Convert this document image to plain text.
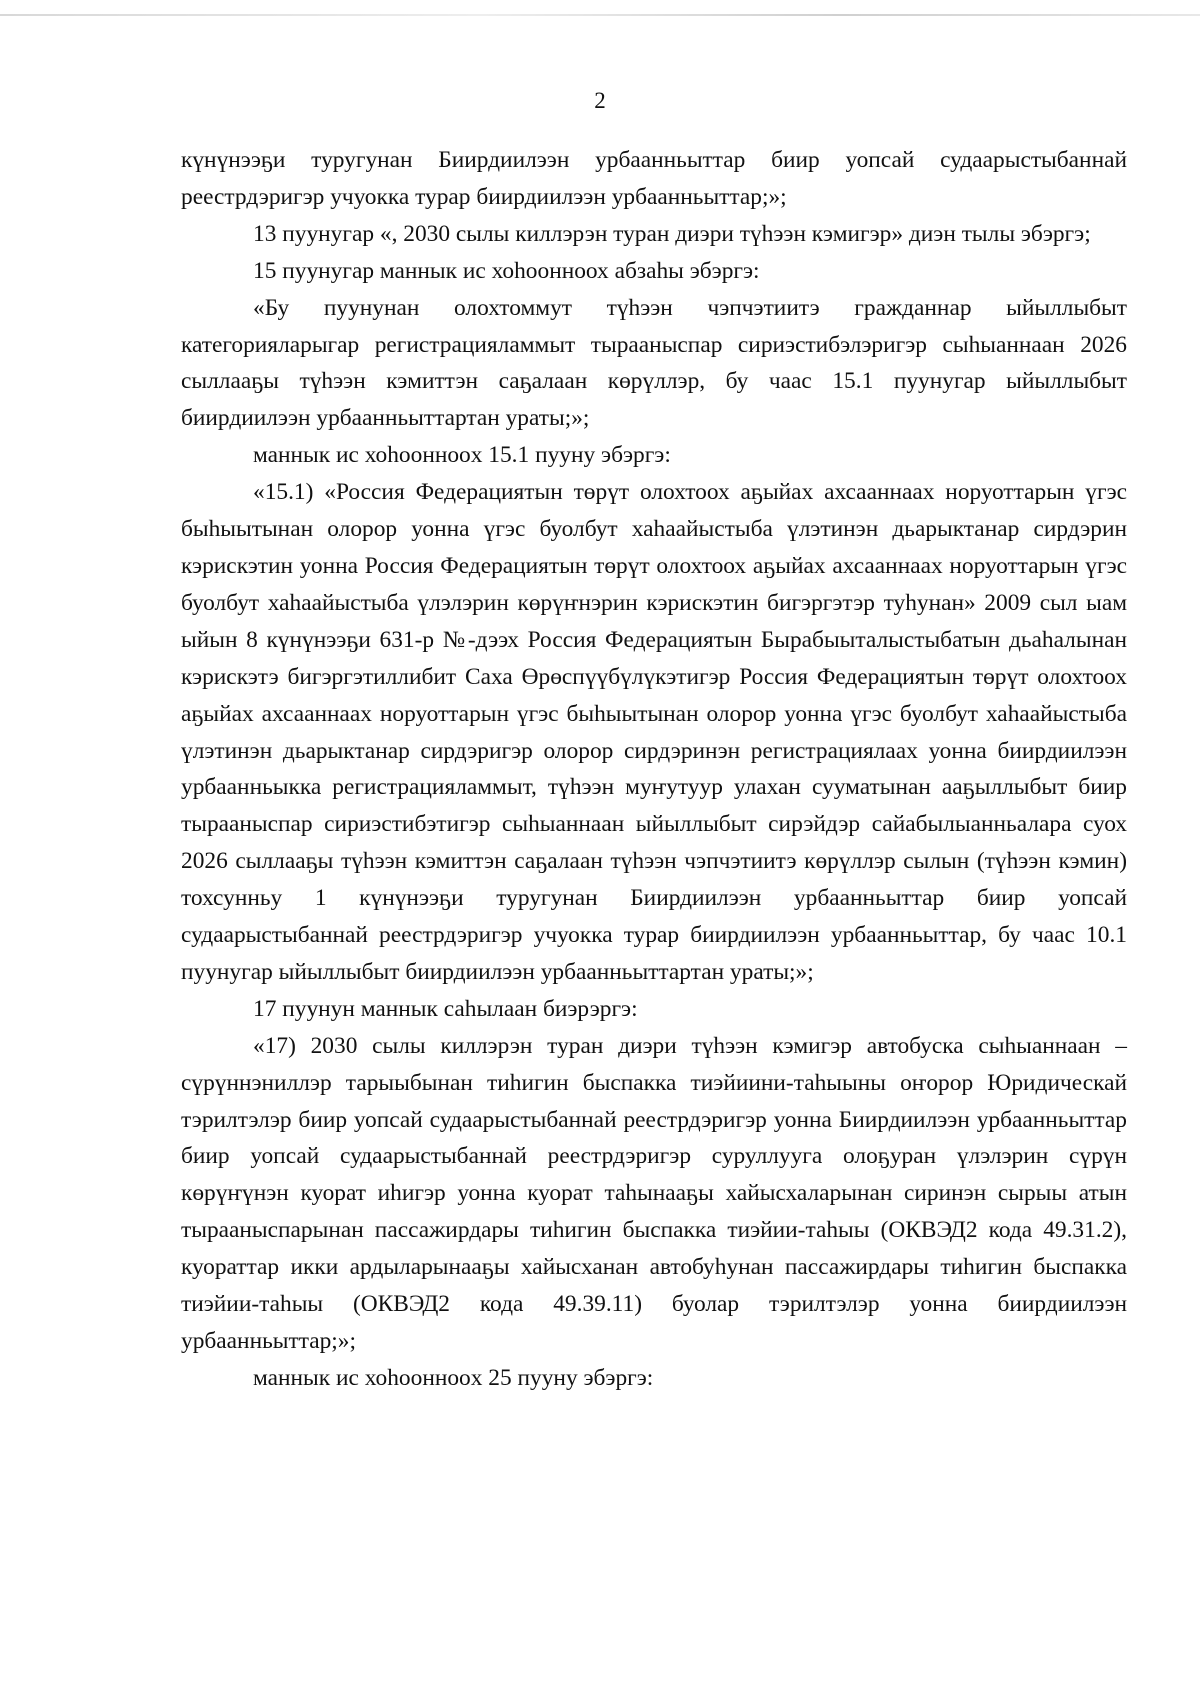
2

күнүнээҕи туругунан Биирдиилээн урбаанньыттар биир уопсай судаарыстыбаннай реестрдэригэр учуокка турар биирдиилээн урбаанньыттар;»;

13 пуунугар «, 2030 сылы киллэрэн туран диэри түһээн кэмигэр» диэн тылы эбэргэ;

15 пуунугар маннык ис хоһоонноох абзаһы эбэргэ:

«Бу пуунунан олохтоммут түһээн чэпчэтиитэ гражданнар ыйыллыбыт категорияларыгар регистрацияламмыт тырааныспар сириэстибэлэригэр сыһыаннаан 2026 сыллааҕы түһээн кэмиттэн саҕалаан көрүллэр, бу чаас 15.1 пуунугар ыйыллыбыт биирдиилээн урбаанньыттартан ураты;»;

маннык ис хоһооннооx 15.1 пууну эбэргэ:

«15.1) «Россия Федерациятын төрүт олохтоох аҕыйах ахсааннаах норуоттарын үгэс быһыытынан олорор уонна үгэс буолбут хаһаайыстыба үлэтинэн дьарыктанар сирдэрин кэрискэтин уонна Россия Федерациятын төрүт олохтоох аҕыйах ахсааннаах норуоттарын үгэс буолбут хаһаайыстыба үлэлэрин көрүҥнэрин кэрискэтин бигэргэтэр туһунан» 2009 сыл ыам ыйын 8 күнүнээҕи 631-р №-дээх Россия Федерациятын Бырабыыталыстыбатын дьаһалынан кэрискэтэ бигэргэтиллибит Саха Өрөспүүбүлүкэтигэр Россия Федерациятын төрүт олохтоох аҕыйах ахсааннаах норуоттарын үгэс быһыытынан олорор уонна үгэс буолбут хаһаайыстыба үлэтинэн дьарыктанар сирдэригэр олорор сирдэринэн регистрациялаах уонна биирдиилээн урбаанньыкка регистрацияламмыт, түһээн муҥутуур улахан сууматынан ааҕыллыбыт биир тырааныспар сириэстибэтигэр сыһыаннаан ыйыллыбыт сирэйдэр сайабылыанньалара суох 2026 сыллааҕы түһээн кэмиттэн саҕалаан түһээн чэпчэтиитэ көрүллэр сылын (түһээн кэмин) тохсунньу 1 күнүнээҕи туругунан Биирдиилээн урбаанньыттар биир уопсай судаарыстыбаннай реестрдэригэр учуокка турар биирдиилээн урбаанньыттар, бу чаас 10.1 пуунугар ыйыллыбыт биирдиилээн урбаанньыттартан ураты;»;

17 пуунун маннык саһылаан биэрэргэ:

«17) 2030 сылы киллэрэн туран диэри түһээн кэмигэр автобуска сыһыаннаан – сүрүннэниллэр тарыыбынан тиһигин быспакка тиэйиини-таһыыны оҥорор Юридическай тэрилтэлэр биир уопсай судаарыстыбаннай реестрдэригэр уонна Биирдиилээн урбаанньыттар биир уопсай судаарыстыбаннай реестрдэригэр суруллууга олоҕуран үлэлэрин сүрүн көрүҥүнэн куорат иһигэр уонна куорат таһынааҕы хайысхаларынан сиринэн сырыы атын тырааныспарынан пассажирдары тиһигин быспакка тиэйии-таһыы (ОКВЭД2 кода 49.31.2), куораттар икки ардыларынааҕы хайысханан автобуһунан пассажирдары тиһигин быспакка тиэйии-таһыы (ОКВЭД2 кода 49.39.11) буолар тэрилтэлэр уонна биирдиилээн урбаанньыттар;»;

маннык ис хоһооннооx 25 пууну эбэргэ:
